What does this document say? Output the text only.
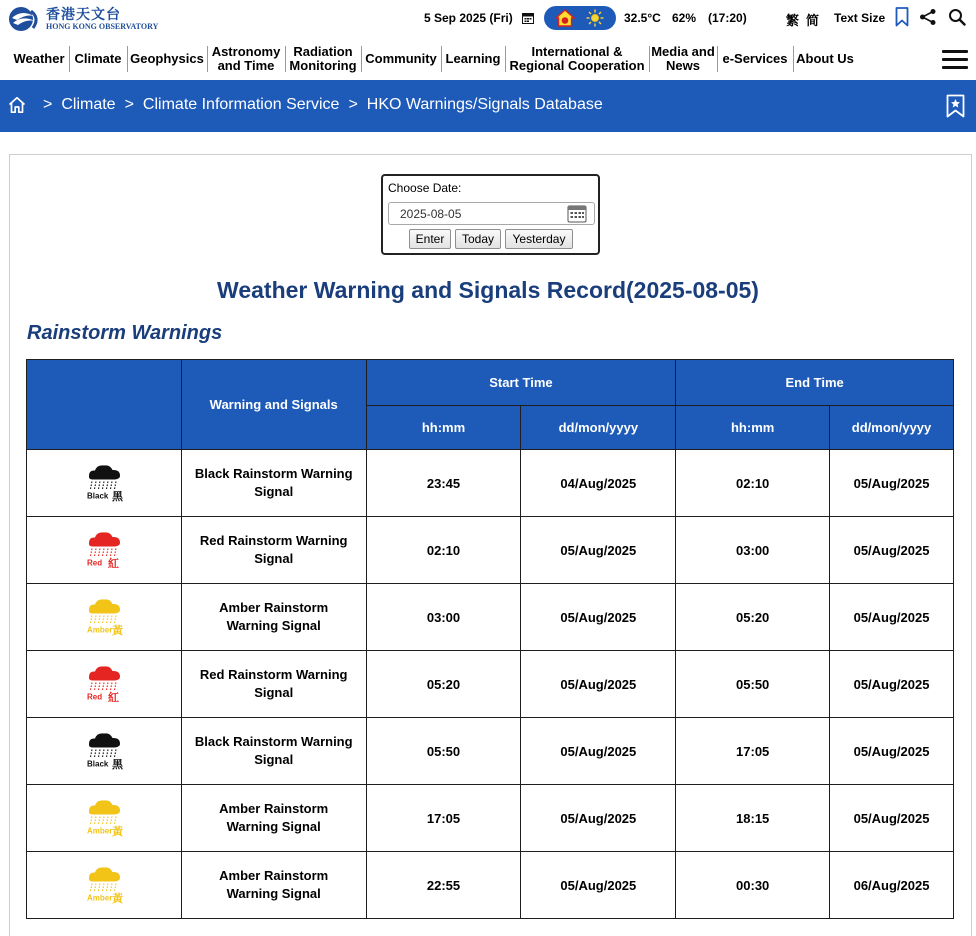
香港天文台
HONG KONG OBSERVATORY
5 Sep 2025 (Fri)	32.5°C 62% (17:20)	繁 简 Text Size
Weather Climate Geophysics Astronomy and Time
Radiation Monitoring Community Learning	International & Regional Cooperation
Media and News	e-Services About Us
> Climate > Climate Information Service > HKO Warnings/Signals Database
Choose Date:
2025-08-05
Enter	Today	Yesterday
Weather Warning and Signals Record(2025-08-05)
Rainstorm Warnings
	Warning and Signals	Start Time		End Time	
		hh:mm	dd/mon/yyyy	hh:mm	dd/mon/yyyy

Black 黑	Black Rainstorm Warning Signal	23:45	04/Aug/2025	02:10	05/Aug/2025

Red 紅	Red Rainstorm Warning Signal	02:10	05/Aug/2025	03:00	05/Aug/2025

Amber 黃	Amber Rainstorm Warning Signal	03:00	05/Aug/2025	05:20	05/Aug/2025

Red 紅	Red Rainstorm Warning Signal	05:20	05/Aug/2025	05:50	05/Aug/2025

Black 黑	Black Rainstorm Warning Signal	05:50	05/Aug/2025	17:05	05/Aug/2025

Amber 黃	Amber Rainstorm Warning Signal	17:05	05/Aug/2025	18:15	05/Aug/2025

Amber 黃	Amber Rainstorm Warning Signal	22:55	05/Aug/2025	00:30	06/Aug/2025
